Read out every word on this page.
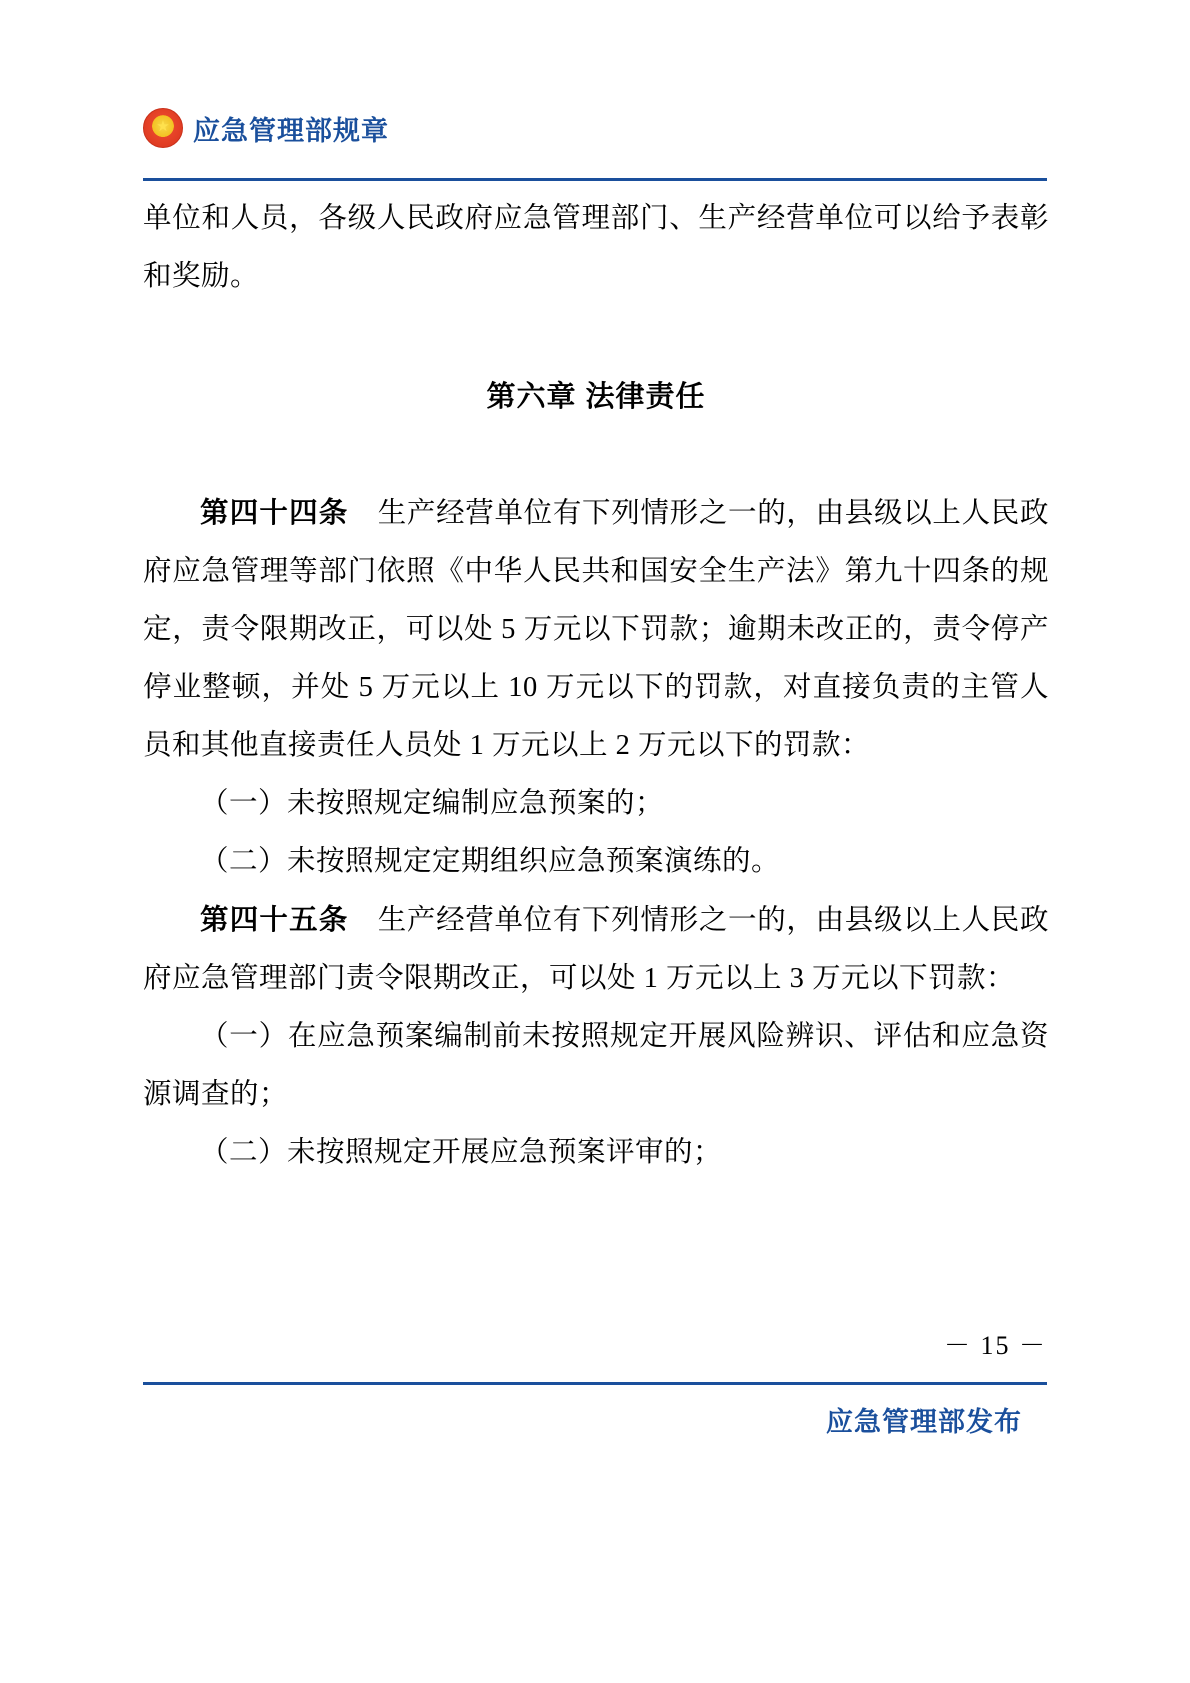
★
应急管理部规章

单位和人员，各级人民政府应急管理部门、生产经营单位可以给予表彰和奖励。

第六章 法律责任

第四十四条　 生产经营单位有下列情形之一的，由县级以上人民政府应急管理等部门依照《中华人民共和国安全生产法》第九十四条的规定，责令限期改正，可以处 5 万元以下罚款；逾期未改正的，责令停产停业整顿，并处 5 万元以上 10 万元以下的罚款，对直接负责的主管人员和其他直接责任人员处 1 万元以上 2 万元以下的罚款：

（一）未按照规定编制应急预案的；

（二）未按照规定定期组织应急预案演练的。

第四十五条　 生产经营单位有下列情形之一的，由县级以上人民政府应急管理部门责令限期改正，可以处 1 万元以上 3 万元以下罚款：

（一）在应急预案编制前未按照规定开展风险辨识、评估和应急资源调查的；

（二）未按照规定开展应急预案评审的；

－ 15 －
应急管理部发布
